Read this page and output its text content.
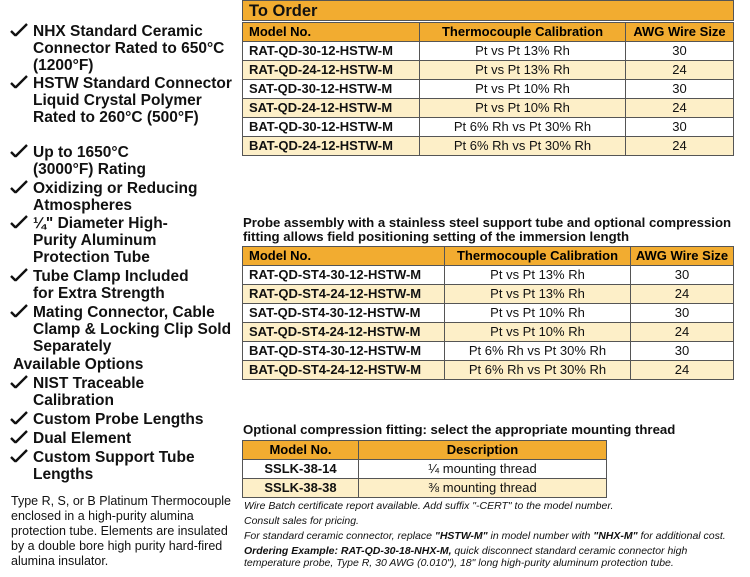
NHX Standard Ceramic Connector Rated to 650°C (1200°F)
HSTW Standard Connector Liquid Crystal Polymer Rated to 260°C (500°F)
Up to 1650°C (3000°F) Rating
Oxidizing or Reducing Atmospheres
¼" Diameter High-Purity Aluminum Protection Tube
Tube Clamp Included for Extra Strength
Mating Connector, Cable Clamp & Locking Clip Sold Separately
Available Options
NIST Traceable Calibration
Custom Probe Lengths
Dual Element
Custom Support Tube Lengths
Type R, S, or B Platinum Thermocouple enclosed in a high-purity alumina protection tube. Elements are insulated by a double bore high purity hard-fired alumina insulator.
To Order
Model No.	Thermocouple Calibration	AWG Wire Size
RAT-QD-30-12-HSTW-M	Pt vs Pt 13% Rh	30
RAT-QD-24-12-HSTW-M	Pt vs Pt 13% Rh	24
SAT-QD-30-12-HSTW-M	Pt vs Pt 10% Rh	30
SAT-QD-24-12-HSTW-M	Pt vs Pt 10% Rh	24
BAT-QD-30-12-HSTW-M	Pt 6% Rh vs Pt 30% Rh	30
BAT-QD-24-12-HSTW-M	Pt 6% Rh vs Pt 30% Rh	24
Probe assembly with a stainless steel support tube and optional compression fitting allows field positioning setting of the immersion length
Model No.	Thermocouple Calibration	AWG Wire Size
RAT-QD-ST4-30-12-HSTW-M	Pt vs Pt 13% Rh	30
RAT-QD-ST4-24-12-HSTW-M	Pt vs Pt 13% Rh	24
SAT-QD-ST4-30-12-HSTW-M	Pt vs Pt 10% Rh	30
SAT-QD-ST4-24-12-HSTW-M	Pt vs Pt 10% Rh	24
BAT-QD-ST4-30-12-HSTW-M	Pt 6% Rh vs Pt 30% Rh	30
BAT-QD-ST4-24-12-HSTW-M	Pt 6% Rh vs Pt 30% Rh	24
Optional compression fitting: select the appropriate mounting thread
Model No.	Description
SSLK-38-14	¼ mounting thread
SSLK-38-38	⅜ mounting thread

Wire Batch certificate report available. Add suffix "-CERT" to the model number.

Consult sales for pricing.

For standard ceramic connector, replace "HSTW-M" in model number with "NHX-M" for additional cost.

Ordering Example: RAT-QD-30-18-NHX-M, quick disconnect standard ceramic connector high temperature probe, Type R, 30 AWG (0.010"), 18" long high-purity aluminum protection tube.
